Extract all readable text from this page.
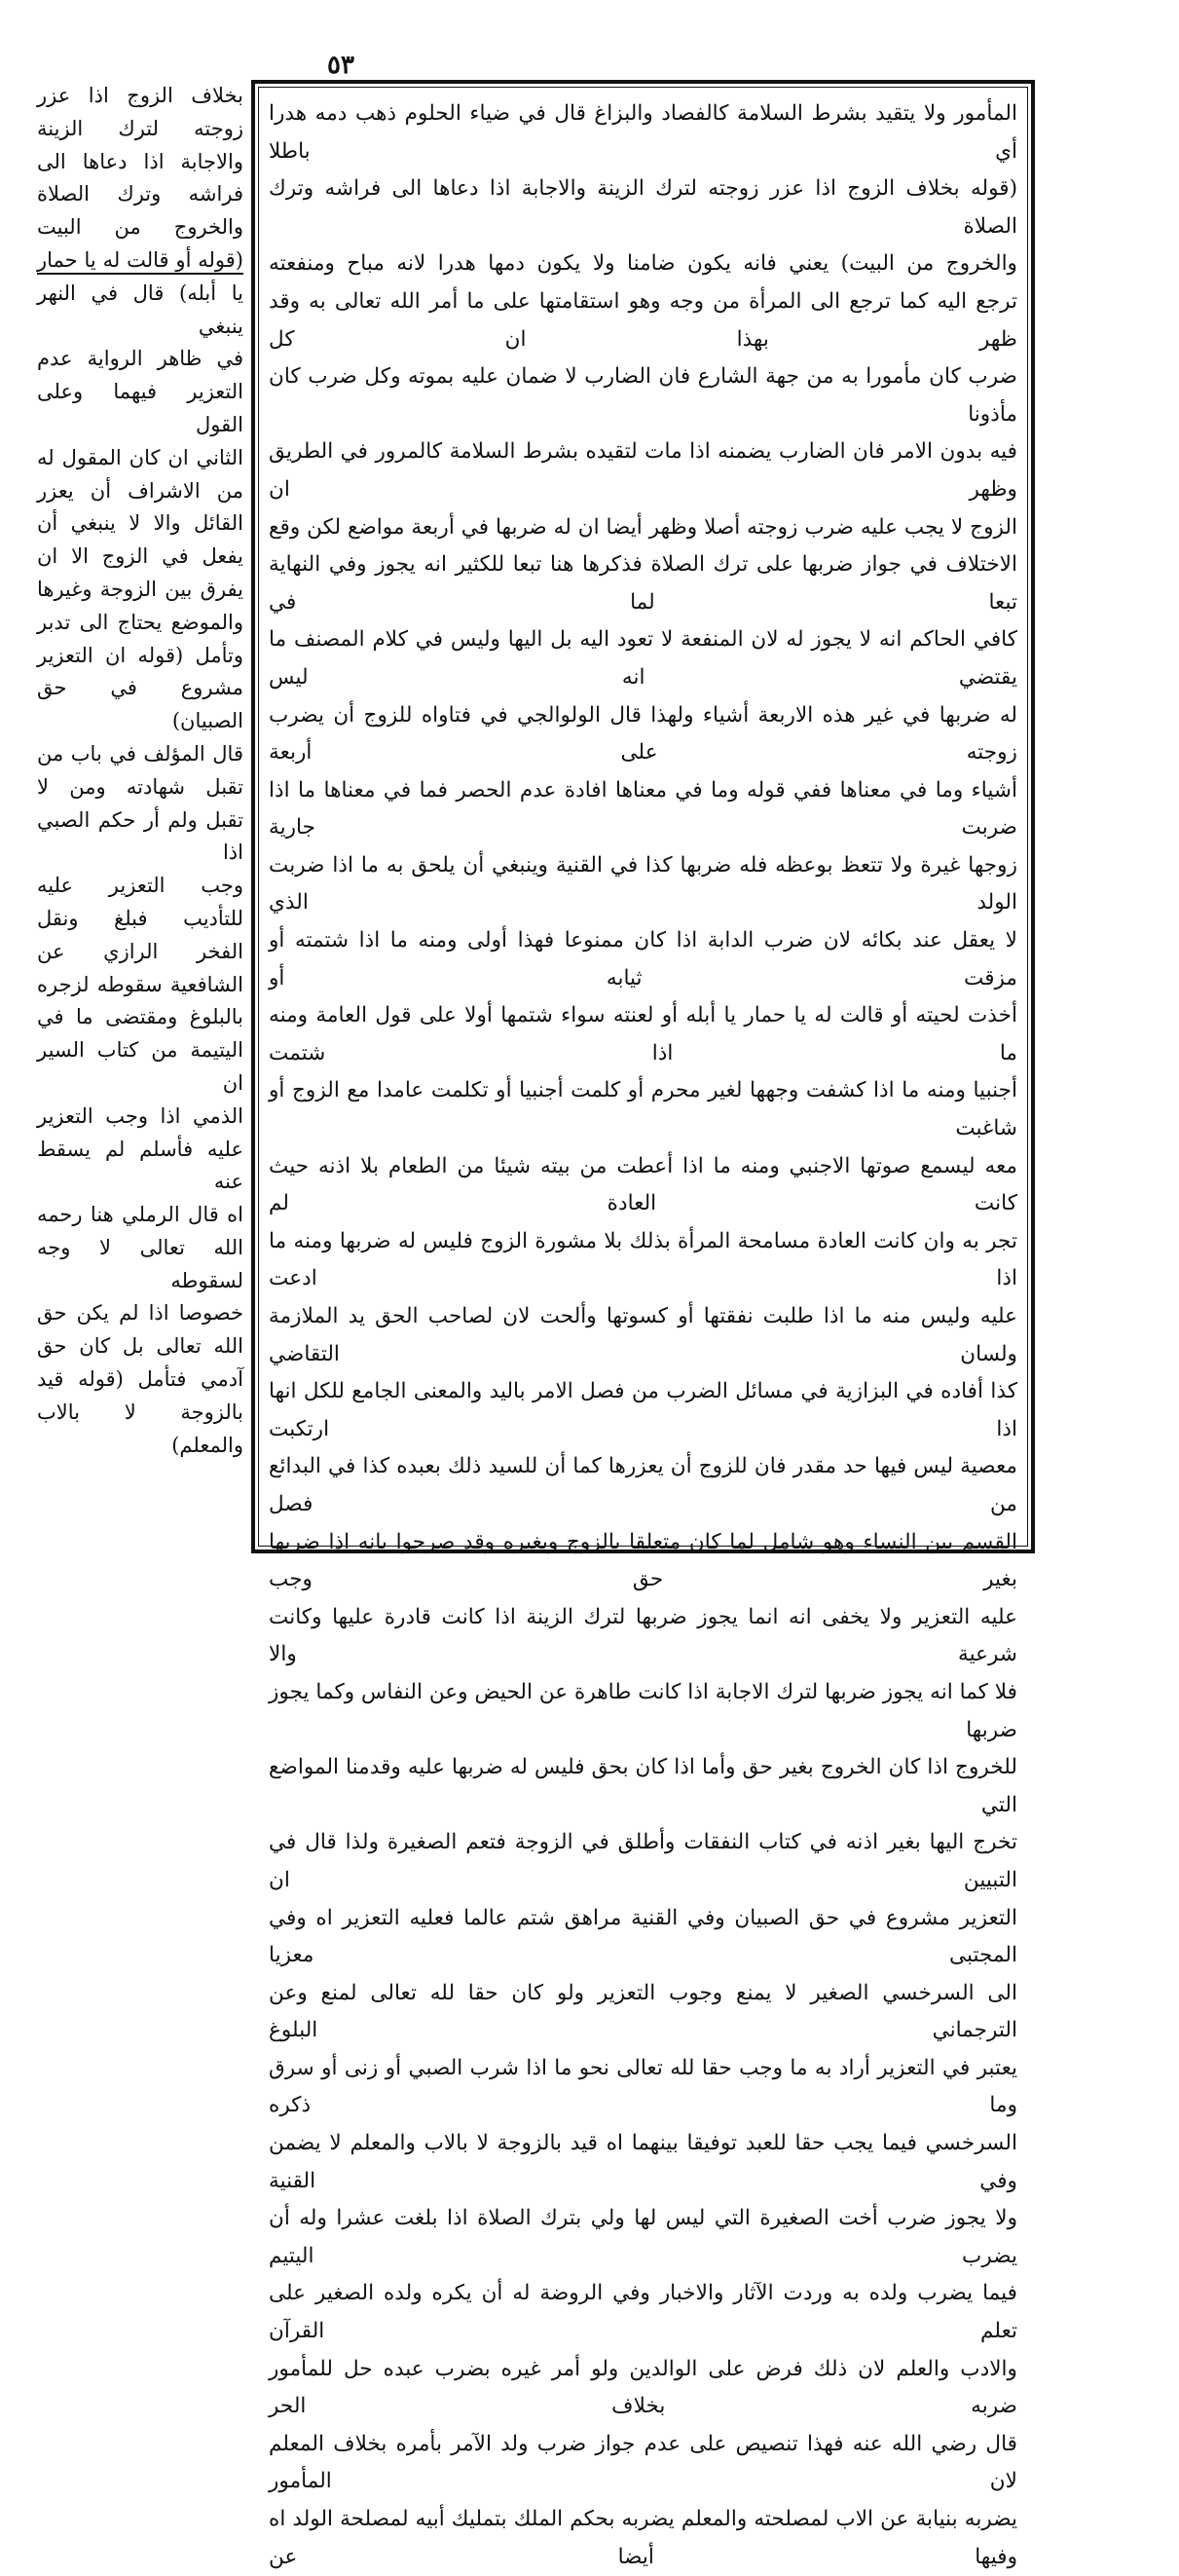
٥٣

المأمور ولا يتقيد بشرط السلامة كالفصاد والبزاغ قال في ضياء الحلوم ذهب دمه هدرا أي باطلا

(قوله بخلاف الزوج اذا عزر زوجته لترك الزينة والاجابة اذا دعاها الى فراشه وترك الصلاة

والخروج من البيت) يعني فانه يكون ضامنا ولا يكون دمها هدرا لانه مباح ومنفعته

ترجع اليه كما ترجع الى المرأة من وجه وهو استقامتها على ما أمر الله تعالى به وقد ظهر بهذا ان كل

ضرب كان مأمورا به من جهة الشارع فان الضارب لا ضمان عليه بموته وكل ضرب كان مأذونا

فيه بدون الامر فان الضارب يضمنه اذا مات لتقيده بشرط السلامة كالمرور في الطريق وظهر ان

الزوج لا يجب عليه ضرب زوجته أصلا وظهر أيضا ان له ضربها في أربعة مواضع لكن وقع

الاختلاف في جواز ضربها على ترك الصلاة فذكرها هنا تبعا للكثير انه يجوز وفي النهاية تبعا لما في

كافي الحاكم انه لا يجوز له لان المنفعة لا تعود اليه بل اليها وليس في كلام المصنف ما يقتضي انه ليس

له ضربها في غير هذه الاربعة أشياء ولهذا قال الولوالجي في فتاواه للزوج أن يضرب زوجته على أربعة

أشياء وما في معناها ففي قوله وما في معناها افادة عدم الحصر فما في معناها ما اذا ضربت جارية

زوجها غيرة ولا تتعظ بوعظه فله ضربها كذا في القنية وينبغي أن يلحق به ما اذا ضربت الولد الذي

لا يعقل عند بكائه لان ضرب الدابة اذا كان ممنوعا فهذا أولى ومنه ما اذا شتمته أو مزقت ثيابه أو

أخذت لحيته أو قالت له يا حمار يا أبله أو لعنته سواء شتمها أولا على قول العامة ومنه ما اذا شتمت

أجنبيا ومنه ما اذا كشفت وجهها لغير محرم أو كلمت أجنبيا أو تكلمت عامدا مع الزوج أو شاغبت

معه ليسمع صوتها الاجنبي ومنه ما اذا أعطت من بيته شيئا من الطعام بلا اذنه حيث كانت العادة لم

تجر به وان كانت العادة مسامحة المرأة بذلك بلا مشورة الزوج فليس له ضربها ومنه ما اذا ادعت

عليه وليس منه ما اذا طلبت نفقتها أو كسوتها وألحت لان لصاحب الحق يد الملازمة ولسان التقاضي

كذا أفاده في البزازية في مسائل الضرب من فصل الامر باليد والمعنى الجامع للكل انها اذا ارتكبت

معصية ليس فيها حد مقدر فان للزوج أن يعزرها كما أن للسيد ذلك بعبده كذا في البدائع من فصل

القسم بين النساء وهو شامل لما كان متعلقا بالزوج وبغيره وقد صرحوا بانه اذا ضربها بغير حق وجب

عليه التعزير ولا يخفى انه انما يجوز ضربها لترك الزينة اذا كانت قادرة عليها وكانت شرعية والا

فلا كما انه يجوز ضربها لترك الاجابة اذا كانت طاهرة عن الحيض وعن النفاس وكما يجوز ضربها

للخروج اذا كان الخروج بغير حق وأما اذا كان بحق فليس له ضربها عليه وقدمنا المواضع التي

تخرج اليها بغير اذنه في كتاب النفقات وأطلق في الزوجة فتعم الصغيرة ولذا قال في التبيين ان

التعزير مشروع في حق الصبيان وفي القنية مراهق شتم عالما فعليه التعزير اه وفي المجتبى معزيا

الى السرخسي الصغير لا يمنع وجوب التعزير ولو كان حقا لله تعالى لمنع وعن الترجماني البلوغ

يعتبر في التعزير أراد به ما وجب حقا لله تعالى نحو ما اذا شرب الصبي أو زنى أو سرق وما ذكره

السرخسي فيما يجب حقا للعبد توفيقا بينهما اه قيد بالزوجة لا بالاب والمعلم لا يضمن وفي القنية

ولا يجوز ضرب أخت الصغيرة التي ليس لها ولي بترك الصلاة اذا بلغت عشرا وله أن يضرب اليتيم

فيما يضرب ولده به وردت الآثار والاخبار وفي الروضة له أن يكره ولده الصغير على تعلم القرآن

والادب والعلم لان ذلك فرض على الوالدين ولو أمر غيره بضرب عبده حل للمأمور ضربه بخلاف الحر

قال رضي الله عنه فهذا تنصيص على عدم جواز ضرب ولد الآمر بأمره بخلاف المعلم لان المأمور

يضربه بنيابة عن الاب لمصلحته والمعلم يضربه بحكم الملك بتمليك أبيه لمصلحة الولد اه وفيها أيضا عن

بخلاف الزوج اذا عزر

زوجته لترك الزينة

والاجابة اذا دعاها الى

فراشه وترك الصلاة

والخروج من البيت

(قوله أو قالت له يا حمار

يا أبله) قال في النهر ينبغي

في ظاهر الرواية عدم

التعزير فيهما وعلى القول

الثاني ان كان المقول له

من الاشراف أن يعزر

القائل والا لا ينبغي أن

يفعل في الزوج الا ان

يفرق بين الزوجة وغيرها

والموضع يحتاج الى تدبر

وتأمل (قوله ان التعزير

مشروع في حق الصبيان)

قال المؤلف في باب من

تقبل شهادته ومن لا

تقبل ولم أر حكم الصبي اذا

وجب التعزير عليه

للتأديب فبلغ ونقل

الفخر الرازي عن

الشافعية سقوطه لزجره

بالبلوغ ومقتضى ما في

اليتيمة من كتاب السير ان

الذمي اذا وجب التعزير

عليه فأسلم لم يسقط عنه

اه قال الرملي هنا رحمه

الله تعالى لا وجه لسقوطه

خصوصا اذا لم يكن حق

الله تعالى بل كان حق

آدمي فتأمل (قوله قيد

بالزوجة لا بالاب والمعلم)
